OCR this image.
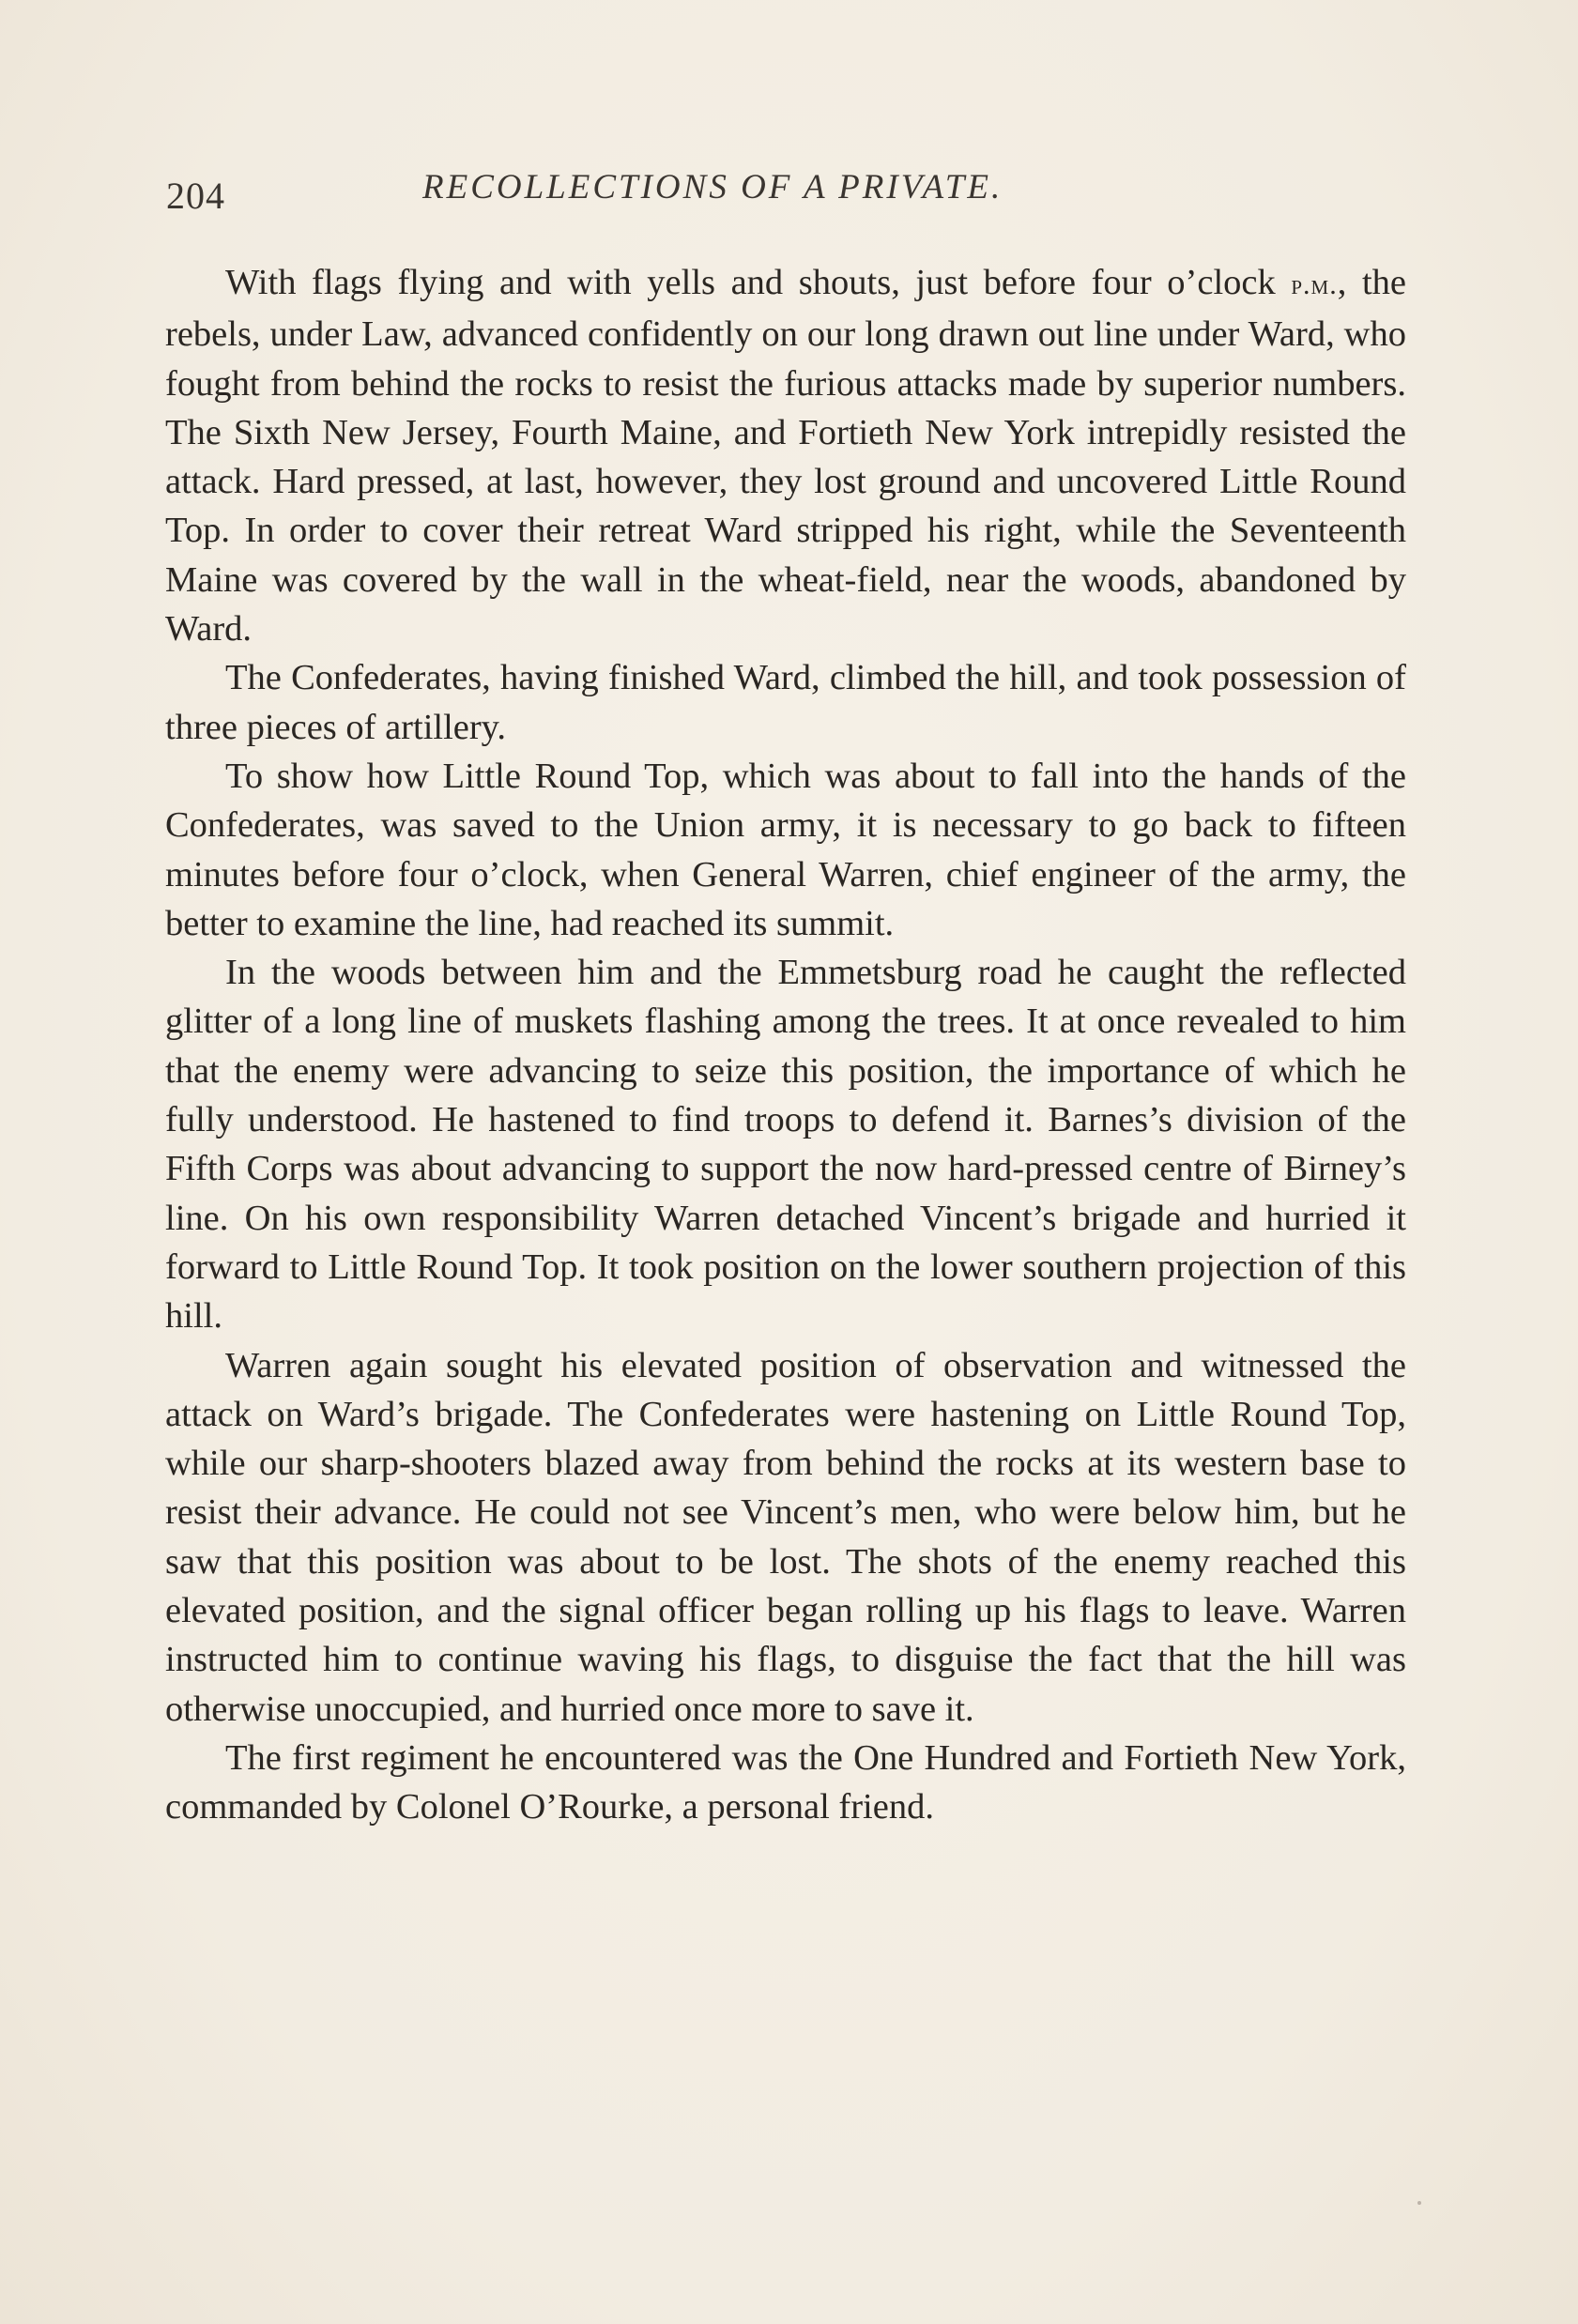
204	RECOLLECTIONS OF A PRIVATE.

With flags flying and with yells and shouts, just before four o’clock p.m., the rebels, under Law, advanced confidently on our long drawn out line under Ward, who fought from behind the rocks to resist the furious attacks made by superior numbers. The Sixth New Jersey, Fourth Maine, and Fortieth New York intrepidly resisted the attack. Hard pressed, at last, however, they lost ground and uncovered Little Round Top. In order to cover their retreat Ward stripped his right, while the Seventeenth Maine was covered by the wall in the wheat-field, near the woods, abandoned by Ward.

The Confederates, having finished Ward, climbed the hill, and took possession of three pieces of artillery.

To show how Little Round Top, which was about to fall into the hands of the Confederates, was saved to the Union army, it is necessary to go back to fifteen minutes before four o’clock, when General Warren, chief engineer of the army, the better to examine the line, had reached its summit.

In the woods between him and the Emmetsburg road he caught the reflected glitter of a long line of muskets flashing among the trees. It at once revealed to him that the enemy were advancing to seize this position, the importance of which he fully understood. He hastened to find troops to defend it. Barnes’s division of the Fifth Corps was about advancing to support the now hard-pressed centre of Birney’s line. On his own responsibility Warren detached Vincent’s brigade and hurried it forward to Little Round Top. It took position on the lower southern projection of this hill.

Warren again sought his elevated position of observation and witnessed the attack on Ward’s brigade. The Confederates were hastening on Little Round Top, while our sharp-shooters blazed away from behind the rocks at its western base to resist their advance. He could not see Vincent’s men, who were below him, but he saw that this position was about to be lost. The shots of the enemy reached this elevated position, and the signal officer began rolling up his flags to leave. Warren instructed him to continue waving his flags, to disguise the fact that the hill was otherwise unoccupied, and hurried once more to save it.

The first regiment he encountered was the One Hundred and Fortieth New York, commanded by Colonel O’Rourke, a personal friend.
